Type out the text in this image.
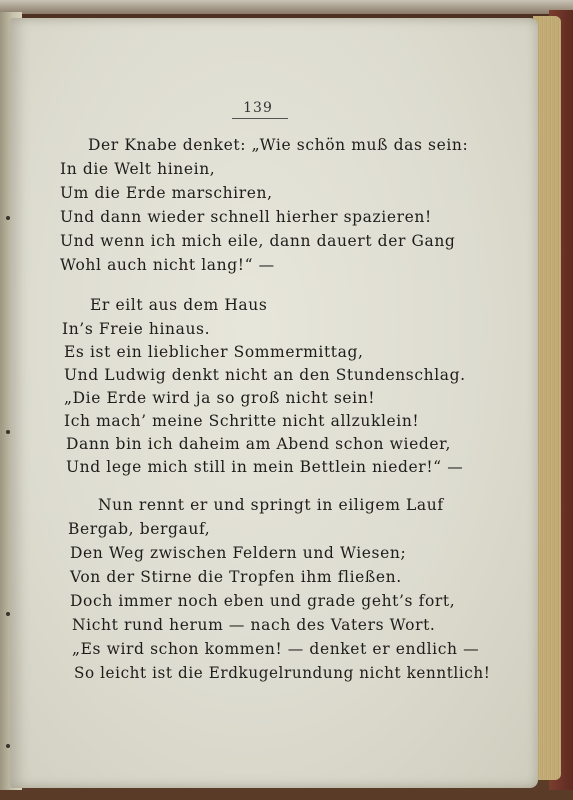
139
Der Knabe denket: „Wie schön muß das sein:
In die Welt hinein,
Um die Erde marschiren,
Und dann wieder schnell hierher spazieren!
Und wenn ich mich eile, dann dauert der Gang
Wohl auch nicht lang!“ —
Er eilt aus dem Haus
In’s Freie hinaus.
Es ist ein lieblicher Sommermittag,
Und Ludwig denkt nicht an den Stundenschlag.
„Die Erde wird ja so groß nicht sein!
Ich mach’ meine Schritte nicht allzuklein!
Dann bin ich daheim am Abend schon wieder,
Und lege mich still in mein Bettlein nieder!“ —
Nun rennt er und springt in eiligem Lauf
Bergab, bergauf,
Den Weg zwischen Feldern und Wiesen;
Von der Stirne die Tropfen ihm fließen.
Doch immer noch eben und grade geht’s fort,
Nicht rund herum — nach des Vaters Wort.
„Es wird schon kommen! — denket er endlich —
So leicht ist die Erdkugelrundung nicht kenntlich!
